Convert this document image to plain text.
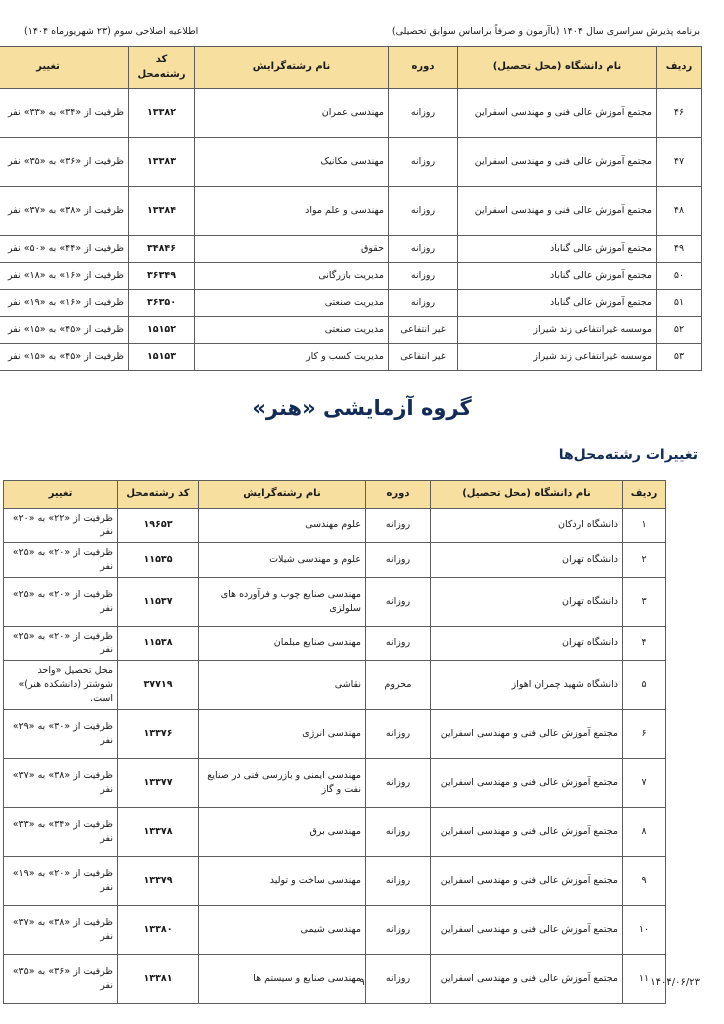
برنامه پذیرش سراسری سال ۱۴۰۴ (باآزمون و صرفاً براساس سوابق تحصیلی)
اطلاعیه اصلاحی سوم (۲۳ شهریورماه ۱۴۰۴)
ردیف	نام دانشگاه (محل تحصیل)	دوره	نام رشته‌گرایش	کد رشته‌محل	تغییر
۴۶	مجتمع آموزش عالی فنی و مهندسی اسفراین	روزانه	مهندسی عمران	۱۳۳۸۲	ظرفیت از «۳۴» به «۳۳» نفر
۴۷	مجتمع آموزش عالی فنی و مهندسی اسفراین	روزانه	مهندسی مکانیک	۱۳۳۸۳	ظرفیت از «۳۶» به «۳۵» نفر
۴۸	مجتمع آموزش عالی فنی و مهندسی اسفراین	روزانه	مهندسی و علم مواد	۱۳۳۸۴	ظرفیت از «۳۸» به «۳۷» نفر
۴۹	مجتمع آموزش عالی گناباد	روزانه	حقوق	۳۴۸۴۶	ظرفیت از «۴۴» به «۵۰» نفر
۵۰	مجتمع آموزش عالی گناباد	روزانه	مدیریت بازرگانی	۳۶۳۴۹	ظرفیت از «۱۶» به «۱۸» نفر
۵۱	مجتمع آموزش عالی گناباد	روزانه	مدیریت صنعتی	۳۶۳۵۰	ظرفیت از «۱۶» به «۱۹» نفر
۵۲	موسسه غیرانتفاعی زند شیراز	غیر انتفاعی	مدیریت صنعتی	۱۵۱۵۲	ظرفیت از «۴۵» به «۱۵» نفر
۵۳	موسسه غیرانتفاعی زند شیراز	غیر انتفاعی	مدیریت کسب و کار	۱۵۱۵۳	ظرفیت از «۴۵» به «۱۵» نفر
گروه آزمایشی «هنر»
تغییرات رشته‌محل‌ها
ردیف	نام دانشگاه (محل تحصیل)	دوره	نام رشته‌گرایش	کد رشته‌محل	تغییر
۱	دانشگاه اردکان	روزانه	علوم مهندسی	۱۹۶۵۳	ظرفیت از «۲۲» به «۲۰» نفر
۲	دانشگاه تهران	روزانه	علوم و مهندسی شیلات	۱۱۵۳۵	ظرفیت از «۲۰» به «۲۵» نفر
۳	دانشگاه تهران	روزانه	مهندسی صنایع چوب و فرآورده های سلولزی	۱۱۵۳۷	ظرفیت از «۲۰» به «۲۵» نفر
۴	دانشگاه تهران	روزانه	مهندسی صنایع مبلمان	۱۱۵۳۸	ظرفیت از «۲۰» به «۲۵» نفر
۵	دانشگاه شهید چمران اهواز	محروم	نقاشی	۳۷۷۱۹	محل تحصیل «واحد شوشتر (دانشکده هنر)» است.
۶	مجتمع آموزش عالی فنی و مهندسی اسفراین	روزانه	مهندسی انرژی	۱۳۳۷۶	ظرفیت از «۳۰» به «۲۹» نفر
۷	مجتمع آموزش عالی فنی و مهندسی اسفراین	روزانه	مهندسی ایمنی و بازرسی فنی در صنایع نفت و گاز	۱۳۳۷۷	ظرفیت از «۳۸» به «۳۷» نفر
۸	مجتمع آموزش عالی فنی و مهندسی اسفراین	روزانه	مهندسی برق	۱۳۳۷۸	ظرفیت از «۳۴» به «۳۳» نفر
۹	مجتمع آموزش عالی فنی و مهندسی اسفراین	روزانه	مهندسی ساخت و تولید	۱۳۳۷۹	ظرفیت از «۲۰» به «۱۹» نفر
۱۰	مجتمع آموزش عالی فنی و مهندسی اسفراین	روزانه	مهندسی شیمی	۱۳۳۸۰	ظرفیت از «۳۸» به «۳۷» نفر
۱۱	مجتمع آموزش عالی فنی و مهندسی اسفراین	روزانه	مهندسی صنایع و سیستم ها	۱۳۳۸۱	ظرفیت از «۳۶» به «۳۵» نفر	۱۴۰۴/۰۶/۲۳
۹
